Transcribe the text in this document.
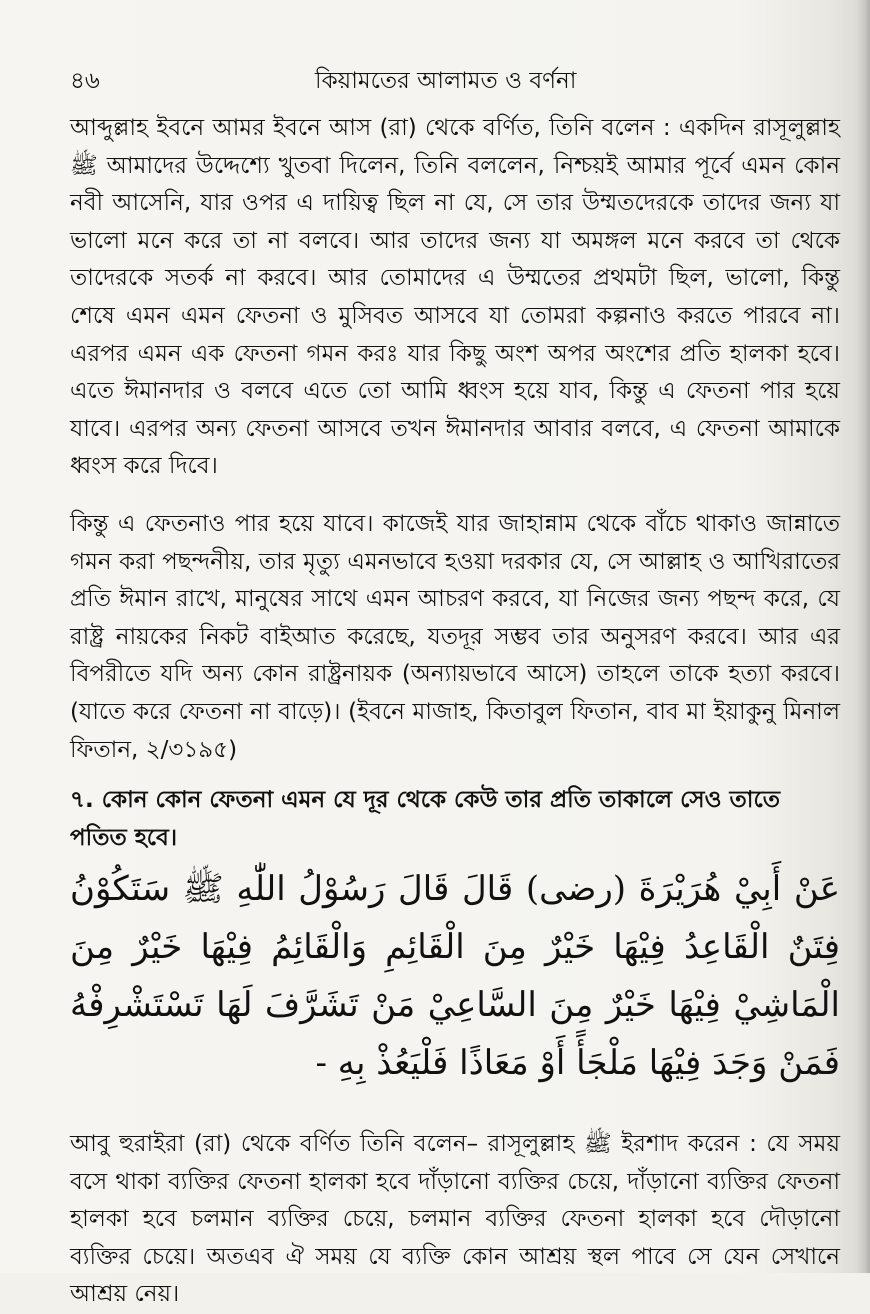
৪৬	কিয়ামতের আলামত ও বর্ণনা
আব্দুল্লাহ ইবনে আমর ইবনে আস (রা) থেকে বর্ণিত, তিনি বলেন : একদিন রাসূলুল্লাহ ﷺ আমাদের উদ্দেশ্যে খুতবা দিলেন, তিনি বললেন, নিশ্চয়ই আমার পূর্বে এমন কোন নবী আসেনি, যার ওপর এ দায়িত্ব ছিল না যে, সে তার উম্মতদেরকে তাদের জন্য যা ভালো মনে করে তা না বলবে। আর তাদের জন্য যা অমঙ্গল মনে করবে তা থেকে তাদেরকে সতর্ক না করবে। আর তোমাদের এ উম্মতের প্রথমটা ছিল, ভালো, কিন্তু শেষে এমন এমন ফেতনা ও মুসিবত আসবে যা তোমরা কল্পনাও করতে পারবে না। এরপর এমন এক ফেতনা গমন করঃ যার কিছু অংশ অপর অংশের প্রতি হালকা হবে। এতে ঈমানদার ও বলবে এতে তো আমি ধ্বংস হয়ে যাব, কিন্তু এ ফেতনা পার হয়ে যাবে। এরপর অন্য ফেতনা আসবে তখন ঈমানদার আবার বলবে, এ ফেতনা আমাকে ধ্বংস করে দিবে।
কিন্তু এ ফেতনাও পার হয়ে যাবে। কাজেই যার জাহান্নাম থেকে বাঁচে থাকাও জান্নাতে গমন করা পছন্দনীয়, তার মৃত্যু এমনভাবে হওয়া দরকার যে, সে আল্লাহ ও আখিরাতের প্রতি ঈমান রাখে, মানুষের সাথে এমন আচরণ করবে, যা নিজের জন্য পছন্দ করে, যে রাষ্ট্র নায়কের নিকট বাইআত করেছে, যতদূর সম্ভব তার অনুসরণ করবে। আর এর বিপরীতে যদি অন্য কোন রাষ্ট্রনায়ক (অন্যায়ভাবে আসে) তাহলে তাকে হত্যা করবে। (যাতে করে ফেতনা না বাড়ে)। (ইবনে মাজাহ, কিতাবুল ফিতান, বাব মা ইয়াকুনু মিনাল ফিতান, ২/৩১৯৫)
৭. কোন কোন ফেতনা এমন যে দূর থেকে কেউ তার প্রতি তাকালে সেও তাতে পতিত হবে।
عَنْ أَبِيْ هُرَيْرَةَ (رضى) قَالَ قَالَ رَسُوْلُ اللّٰهِ ﷺ سَتَكُوْنُ فِتَنٌ الْقَاعِدُ فِيْهَا خَيْرٌ مِنَ الْقَائِمِ وَالْقَائِمُ فِيْهَا خَيْرٌ مِنَ الْمَاشِيْ فِيْهَا خَيْرٌ مِنَ السَّاعِيْ مَنْ تَشَرَّفَ لَهَا تَسْتَشْرِفْهُ فَمَنْ وَجَدَ فِيْهَا مَلْجَأً أَوْ مَعَاذًا فَلْيَعُذْ بِهِ -
আবু হুরাইরা (রা) থেকে বর্ণিত তিনি বলেন– রাসূলুল্লাহ ﷺ ইরশাদ করেন : যে সময় বসে থাকা ব্যক্তির ফেতনা হালকা হবে দাঁড়ানো ব্যক্তির চেয়ে, দাঁড়ানো ব্যক্তির ফেতনা হালকা হবে চলমান ব্যক্তির চেয়ে, চলমান ব্যক্তির ফেতনা হালকা হবে দৌড়ানো ব্যক্তির চেয়ে। অতএব ঐ সময় যে ব্যক্তি কোন আশ্রয় স্থল পাবে সে যেন সেখানে আশ্রয় নেয়।
